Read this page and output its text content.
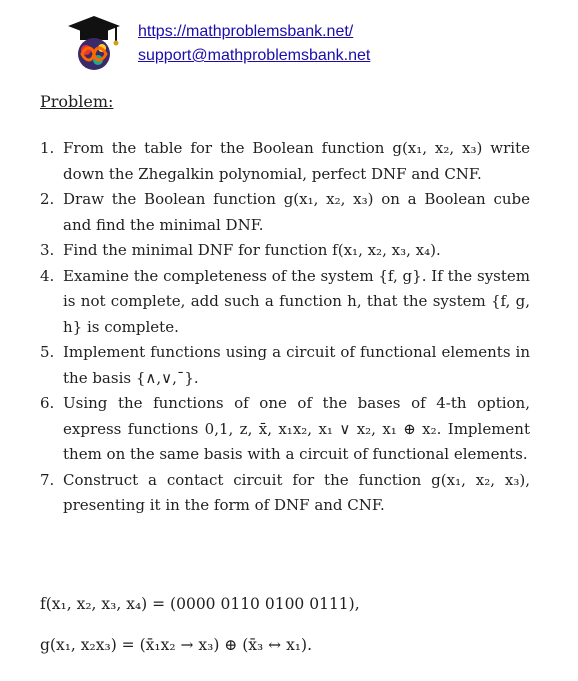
https://mathproblemsbank.net/
support@mathproblemsbank.net
Problem:
1. From the table for the Boolean function g(x₁, x₂, x₃) write down the Zhegalkin polynomial, perfect DNF and CNF.
2. Draw the Boolean function g(x₁, x₂, x₃) on a Boolean cube and find the minimal DNF.
3. Find the minimal DNF for function f(x₁, x₂, x₃, x₄).
4. Examine the completeness of the system {f, g}. If the system is not complete, add such a function h, that the system {f, g, h} is complete.
5. Implement functions using a circuit of functional elements in the basis {∧,∨,¯}.
6. Using the functions of one of the bases of 4-th option, express functions 0,1, z, x̄, x₁x₂, x₁ ∨ x₂, x₁ ⊕ x₂. Implement them on the same basis with a circuit of functional elements.
7. Construct a contact circuit for the function g(x₁, x₂, x₃), presenting it in the form of DNF and CNF.
f(x₁, x₂, x₃, x₄) = (0000 0110 0100 0111),
g(x₁, x₂x₃) = (x̄₁x₂ → x₃) ⊕ (x̄₃ ↔ x₁).
